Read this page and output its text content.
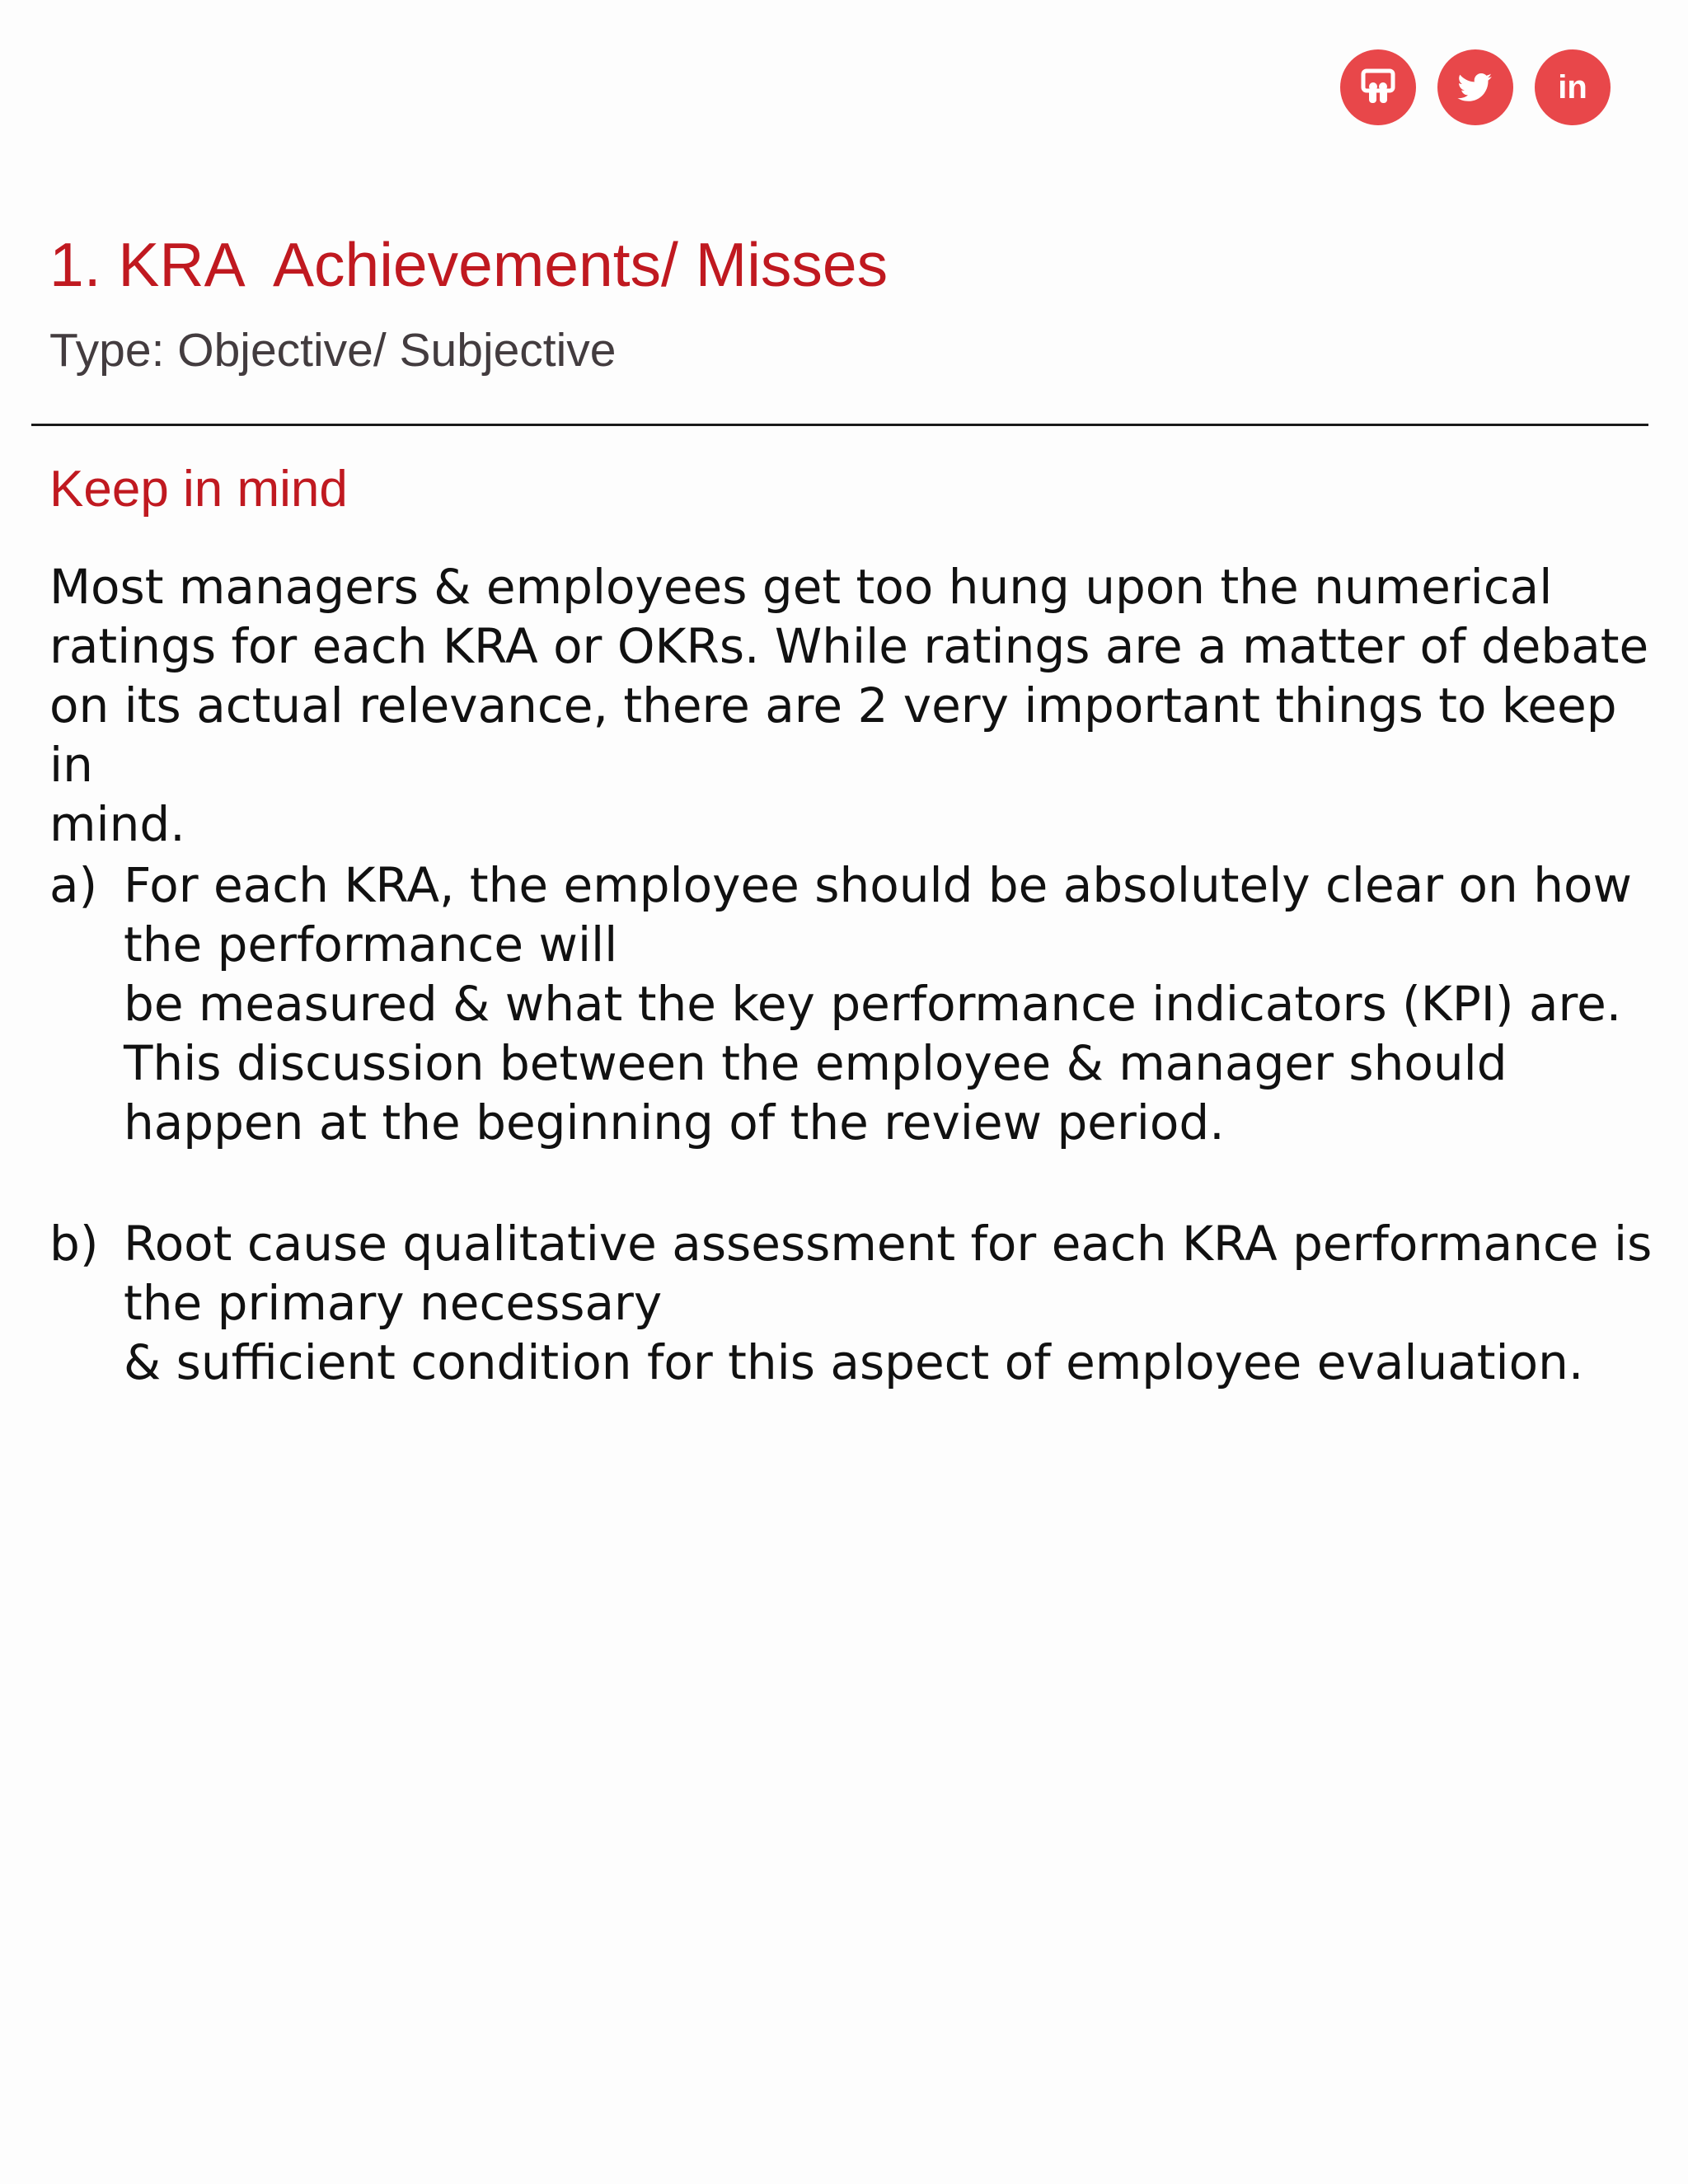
in
1. KRA  Achievements/ Misses

Type: Objective/ Subjective

Keep in mind

Most managers & employees get too hung upon the numerical
ratings for each KRA or OKRs. While ratings are a matter of debate
on its actual relevance, there are 2 very important things to keep in
mind.

a) For each KRA, the employee should be absolutely clear on how
the performance will
be measured & what the key performance indicators (KPI) are.
This discussion between the employee & manager should
happen at the beginning of the review period.
b) Root cause qualitative assessment for each KRA performance is
the primary necessary
& sufficient condition for this aspect of employee evaluation.
